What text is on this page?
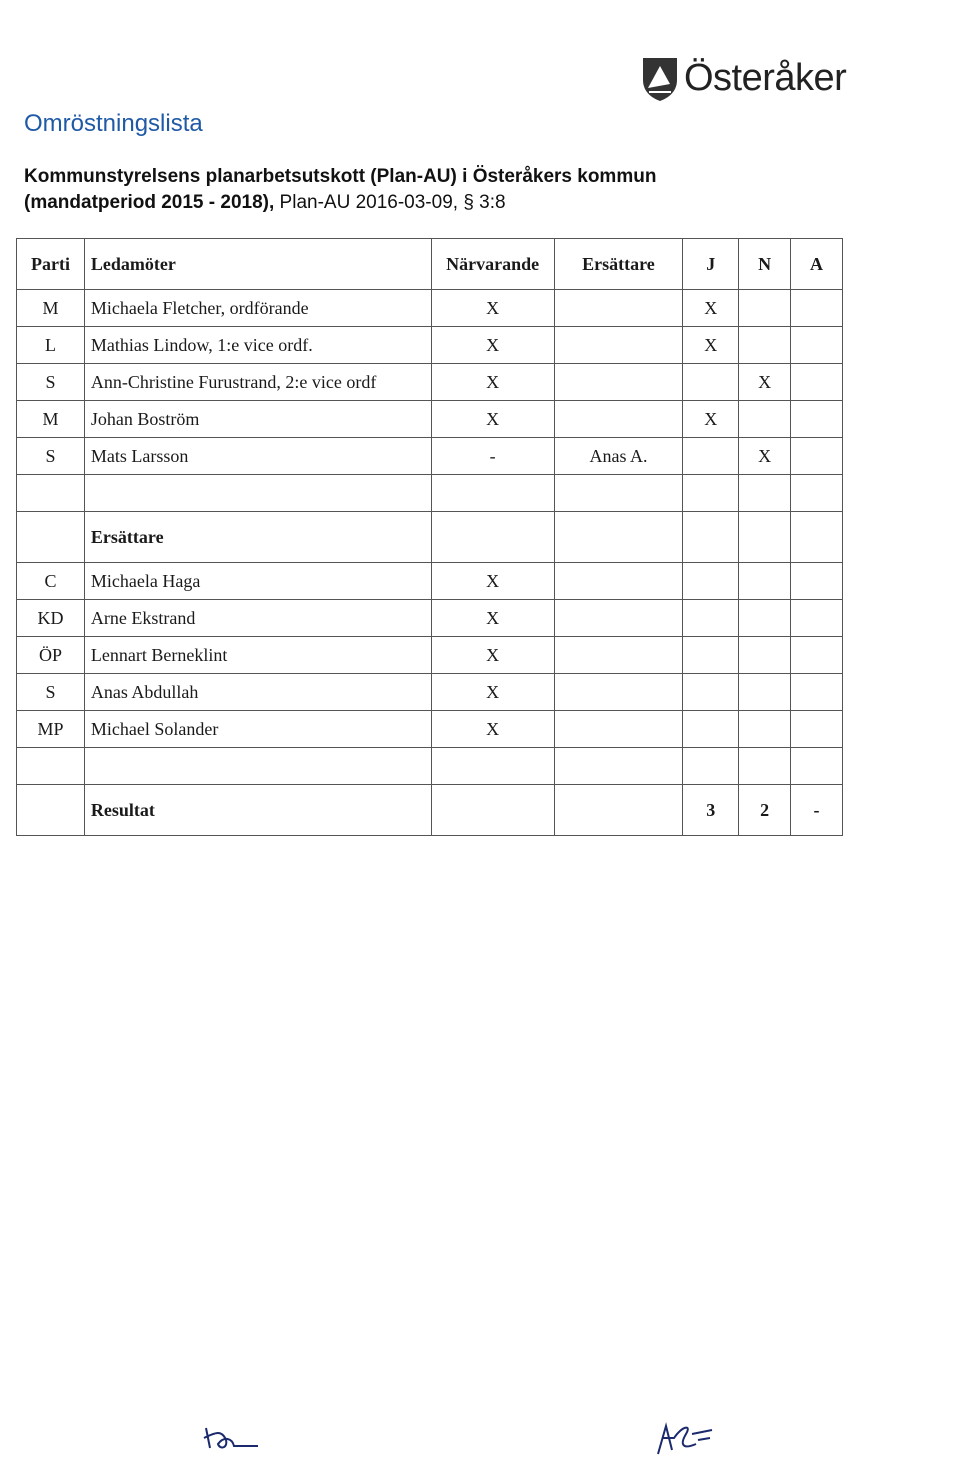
Österåker
Omröstningslista
Kommunstyrelsens planarbetsutskott (Plan-AU) i Österåkers kommun
(mandatperiod 2015 - 2018), Plan-AU 2016-03-09, § 3:8
Parti	Ledamöter	Närvarande	Ersättare	J	N	A
M	Michaela Fletcher, ordförande	X		X		
L	Mathias Lindow, 1:e vice ordf.	X		X		
S	Ann-Christine Furustrand, 2:e vice ordf	X			X	
M	Johan Boström	X		X		
S	Mats Larsson	-	Anas A.		X	

	Ersättare					
C	Michaela Haga	X				
KD	Arne Ekstrand	X				
ÖP	Lennart Berneklint	X				
S	Anas Abdullah	X				
MP	Michael Solander	X				

	Resultat			3	2	-
